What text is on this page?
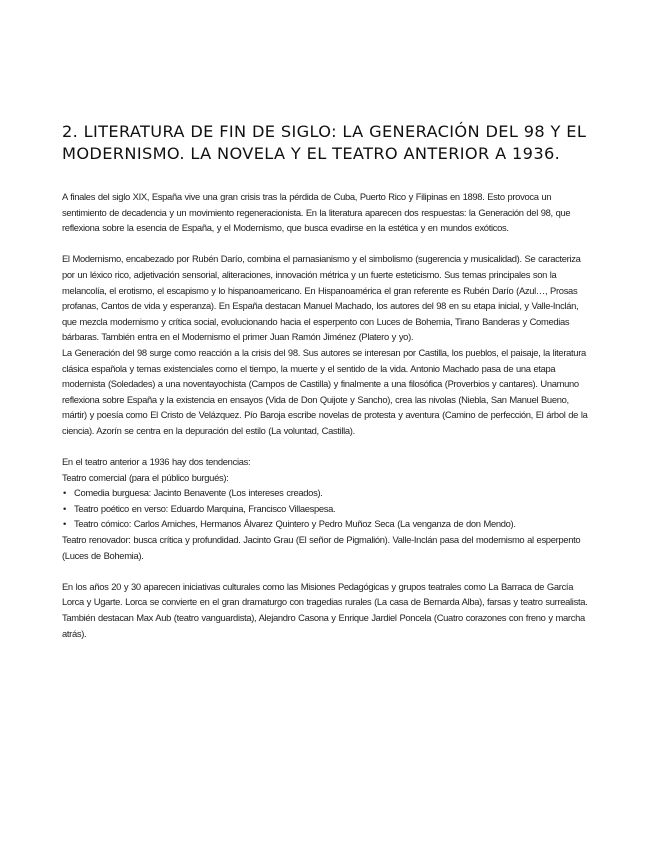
2. LITERATURA DE FIN DE SIGLO: LA GENERACIÓN DEL 98 Y EL MODERNISMO. LA NOVELA Y EL TEATRO ANTERIOR A 1936.

A finales del siglo XIX, España vive una gran crisis tras la pérdida de Cuba, Puerto Rico y Filipinas en 1898. Esto provoca un sentimiento de decadencia y un movimiento regeneracionista. En la literatura aparecen dos respuestas: la Generación del 98, que reflexiona sobre la esencia de España, y el Modernismo, que busca evadirse en la estética y en mundos exóticos.

El Modernismo, encabezado por Rubén Darío, combina el parnasianismo y el simbolismo (sugerencia y musicalidad). Se caracteriza por un léxico rico, adjetivación sensorial, aliteraciones, innovación métrica y un fuerte esteticismo. Sus temas principales son la melancolía, el erotismo, el escapismo y lo hispanoamericano. En Hispanoamérica el gran referente es Rubén Darío (Azul…, Prosas profanas, Cantos de vida y esperanza). En España destacan Manuel Machado, los autores del 98 en su etapa inicial, y Valle-Inclán, que mezcla modernismo y crítica social, evolucionando hacia el esperpento con Luces de Bohemia, Tirano Banderas y Comedias bárbaras. También entra en el Modernismo el primer Juan Ramón Jiménez (Platero y yo).

La Generación del 98 surge como reacción a la crisis del 98. Sus autores se interesan por Castilla, los pueblos, el paisaje, la literatura clásica española y temas existenciales como el tiempo, la muerte y el sentido de la vida. Antonio Machado pasa de una etapa modernista (Soledades) a una noventayochista (Campos de Castilla) y finalmente a una filosófica (Proverbios y cantares). Unamuno reflexiona sobre España y la existencia en ensayos (Vida de Don Quijote y Sancho), crea las nivolas (Niebla, San Manuel Bueno, mártir) y poesía como El Cristo de Velázquez. Pío Baroja escribe novelas de protesta y aventura (Camino de perfección, El árbol de la ciencia). Azorín se centra en la depuración del estilo (La voluntad, Castilla).

En el teatro anterior a 1936 hay dos tendencias:

Teatro comercial (para el público burgués):

• Comedia burguesa: Jacinto Benavente (Los intereses creados).
• Teatro poético en verso: Eduardo Marquina, Francisco Villaespesa.
• Teatro cómico: Carlos Arniches, Hermanos Álvarez Quintero y Pedro Muñoz Seca (La venganza de don Mendo).

Teatro renovador: busca crítica y profundidad. Jacinto Grau (El señor de Pigmalión). Valle-Inclán pasa del modernismo al esperpento (Luces de Bohemia).

En los años 20 y 30 aparecen iniciativas culturales como las Misiones Pedagógicas y grupos teatrales como La Barraca de García Lorca y Ugarte. Lorca se convierte en el gran dramaturgo con tragedias rurales (La casa de Bernarda Alba), farsas y teatro surrealista. También destacan Max Aub (teatro vanguardista), Alejandro Casona y Enrique Jardiel Poncela (Cuatro corazones con freno y marcha atrás).
